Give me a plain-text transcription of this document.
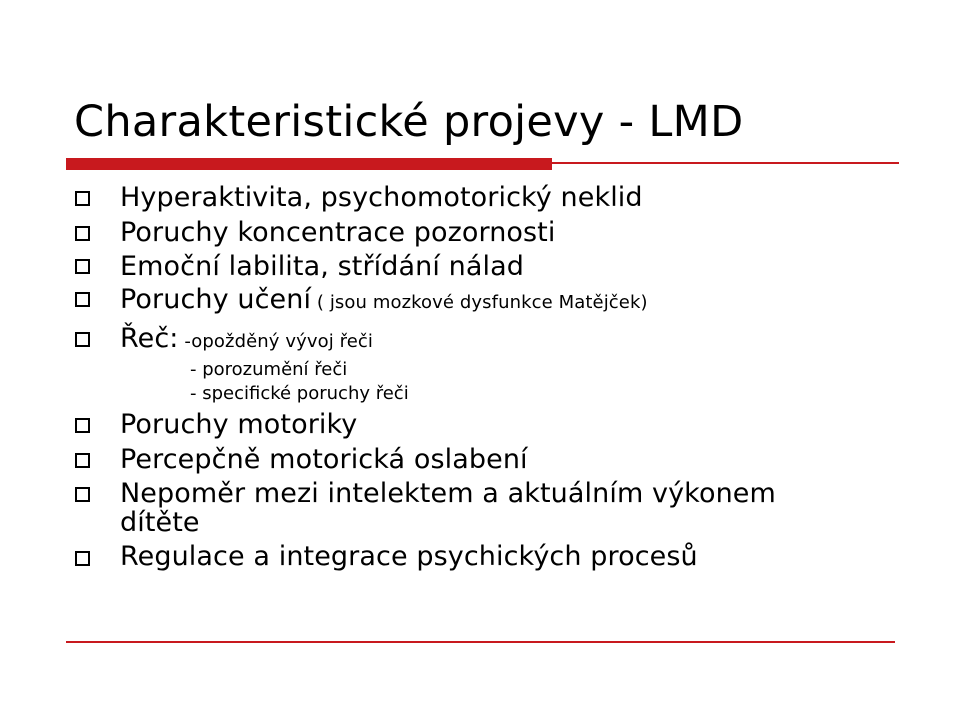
Charakteristické projevy - LMD
Hyperaktivita, psychomotorický neklid
Poruchy koncentrace pozornosti
Emoční labilita, střídání nálad
Poruchy učení ( jsou mozkové dysfunkce Matějček)
Řeč: -opožděný vývoj řeči
- porozumění řeči
- specifické poruchy řeči
Poruchy motoriky
Percepčně motorická oslabení
Nepoměr mezi intelektem a aktuálním výkonem
dítěte
Regulace a integrace psychických procesů
